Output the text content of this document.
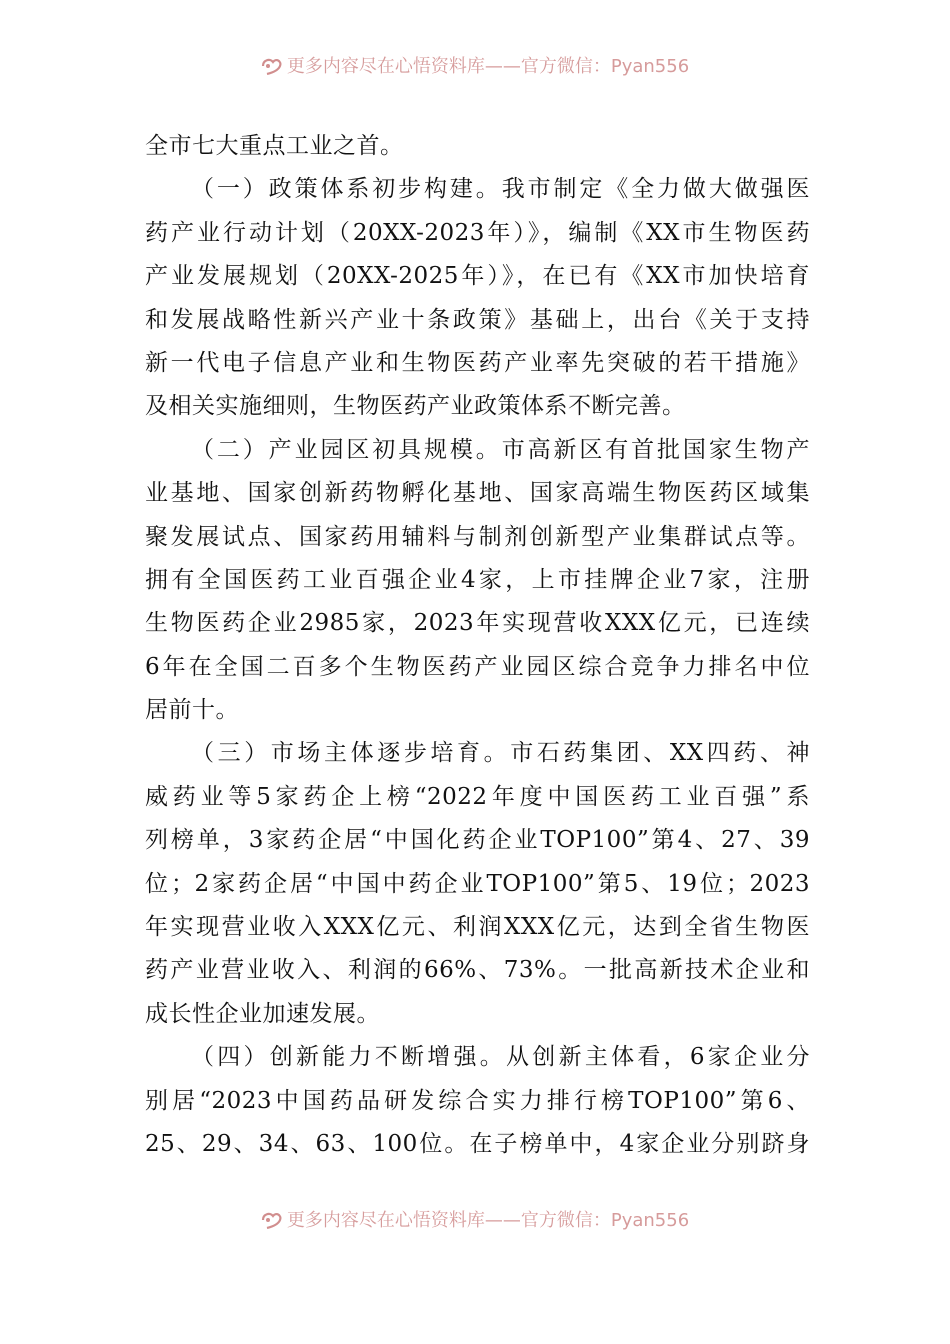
更多内容尽在心悟资料库——官方微信：Pyan556
全市七大重点工业之首。
（一）政策体系初步构建。我市制定《全力做大做强医
药产业行动计划（20XX-2023年）》，编制《XX市生物医药
产业发展规划（20XX-2025年）》，在已有《XX市加快培育
和发展战略性新兴产业十条政策》基础上，出台《关于支持
新一代电子信息产业和生物医药产业率先突破的若干措施》
及相关实施细则，生物医药产业政策体系不断完善。
（二）产业园区初具规模。市高新区有首批国家生物产
业基地、国家创新药物孵化基地、国家高端生物医药区域集
聚发展试点、国家药用辅料与制剂创新型产业集群试点等。
拥有全国医药工业百强企业4家，上市挂牌企业7家，注册
生物医药企业2985家，2023年实现营收XXX亿元，已连续
6年在全国二百多个生物医药产业园区综合竞争力排名中位
居前十。
（三）市场主体逐步培育。市石药集团、XX四药、神
威药业等5家药企上榜“2022年度中国医药工业百强”系
列榜单，3家药企居“中国化药企业TOP100”第4、27、39
位；2家药企居“中国中药企业TOP100”第5、19位；2023
年实现营业收入XXX亿元、利润XXX亿元，达到全省生物医
药产业营业收入、利润的66%、73%。一批高新技术企业和
成长性企业加速发展。
（四）创新能力不断增强。从创新主体看，6家企业分
别居“2023中国药品研发综合实力排行榜TOP100”第6、
25、29、34、63、100位。在子榜单中，4家企业分别跻身
更多内容尽在心悟资料库——官方微信：Pyan556
